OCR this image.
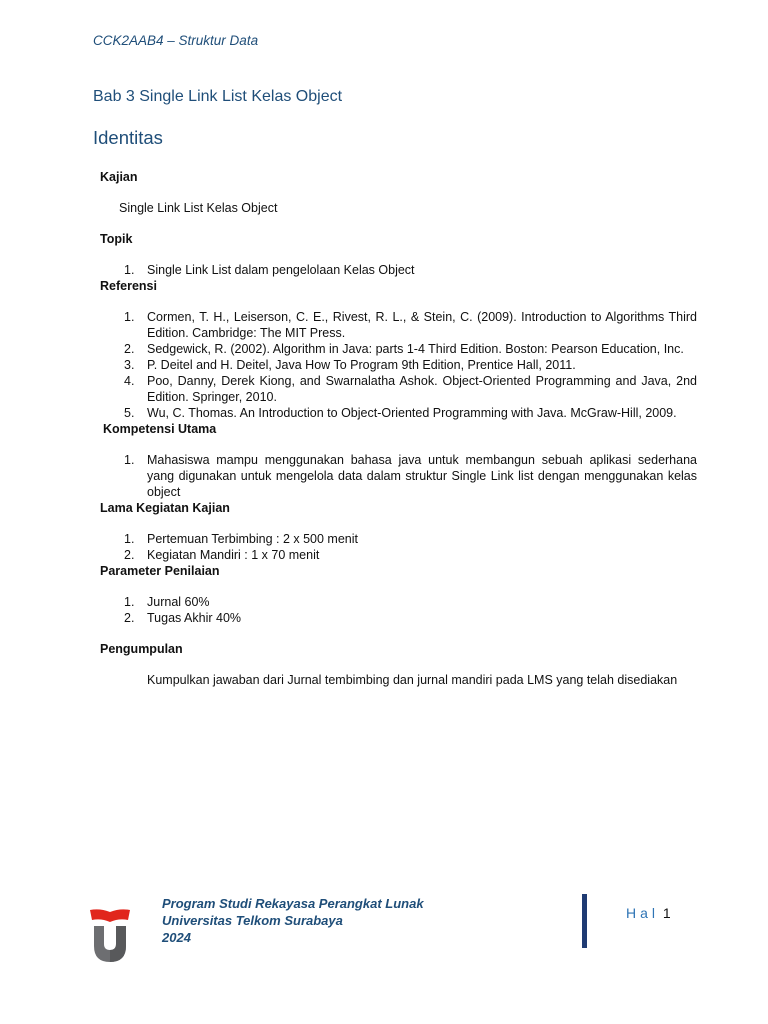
CCK2AAB4 – Struktur Data
Bab 3 Single Link List Kelas Object
Identitas

Kajian

Single Link List Kelas Object

Topik

1. Single Link List dalam pengelolaan Kelas Object

Referensi

1. Cormen, T. H., Leiserson, C. E., Rivest, R. L., & Stein, C. (2009). Introduction to Algorithms Third Edition. Cambridge: The MIT Press.
2. Sedgewick, R. (2002). Algorithm in Java: parts 1-4 Third Edition. Boston: Pearson Education, Inc.
3. P. Deitel and H. Deitel, Java How To Program 9th Edition, Prentice Hall, 2011.
4. Poo, Danny, Derek Kiong, and Swarnalatha Ashok. Object-Oriented Programming and Java, 2nd Edition. Springer, 2010.
5. Wu, C. Thomas. An Introduction to Object-Oriented Programming with Java. McGraw-Hill, 2009.

Kompetensi Utama

1. Mahasiswa mampu menggunakan bahasa java untuk membangun sebuah aplikasi sederhana yang digunakan untuk mengelola data dalam struktur Single Link list dengan menggunakan kelas object

Lama Kegiatan Kajian

1. Pertemuan Terbimbing : 2 x 500 menit
2. Kegiatan Mandiri : 1 x 70 menit

Parameter Penilaian

1. Jurnal 60%
2. Tugas Akhir 40%

Pengumpulan

Kumpulkan jawaban dari Jurnal tembimbing dan jurnal mandiri pada LMS yang telah disediakan

Program Studi Rekayasa Perangkat Lunak
Universitas Telkom Surabaya
2024
Hal 1
